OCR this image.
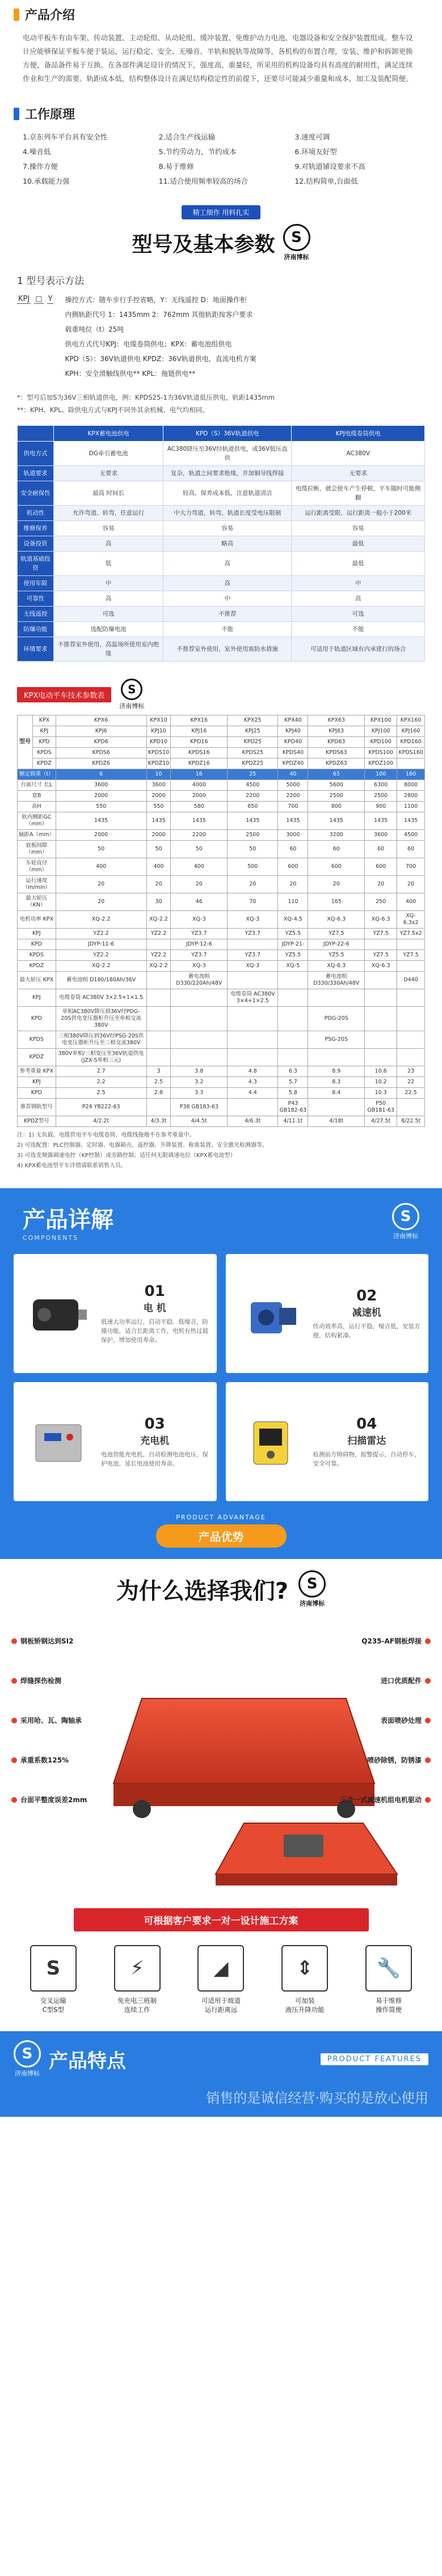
产品介绍
电动平板车有由车架、传动装置、主动轮组、从动轮组、缓冲装置、免维护动力电池、电器设备和安全保护装置组成。整车设计应能够保证平板车便于装运，运行稳定、安全、无噪音、半轨和脱轨等故障等，各机构的布置合理，安装、维护和拆卸更换方便，备品备件易于互换。在各部件满足设计的情况下，强度高、重量轻，所采用的机构设备均具有高度的耐用性，满足连续作业和生产的需要。轨距成本低，结构整体设计在满足结构稳定性的前提下，还要尽可能减少重量和成本，加工及装配简便。
工作原理
1.京东列车平台具有安全性	2.适合生产线运输	3.速度可调
4.噪音低	5.节约劳动力，节约成本	6.环境友好型
7.操作方便	8.易于维修	9.对轨道铺设要求不高
10.承载能力强	11.适合使用频率较高的场合	12.结构简单,台面低
精工细作 用料扎实
型号及基本参数	S
济南博标
1 型号表示方法
KPJ □ Y 操控方式：随车步行手控省略，Y：无线遥控 D：地面操作柜
内侧轨距代号 1：1435mm 2：762mm 其他轨距按客户要求
载重吨位（t）25吨
供电方式代号KPJ：电缆卷筒供电；KPX：蓄电池组供电
KPD（S）：36V轨道供电 KPDZ：36V轨道供电，直流电机方案
KPH：安全滑触线供电** KPL：拖链供电**
*：型号后加S为36V三相轨道供电，例：KPDS25-1为36V轨道低压供电，轨距1435mm
**：KPH、KPL、除供电方式与KPJ不同外其余机械、电气均相同。
	KPX蓄电池供电	KPD（S）36V轨道供电	KPJ电缆卷筒供电
供电方式	DG牵引蓄电池	AC380降压至36V经轨道供电，或36V低压直供	AC380V
轨道要求	无要求	复杂，轨道之间要求绝缘，并加铜导线焊接	无要求
安全耐保性	最高 时间长	较高，保养成本低，注意轨道清洁	电缆拉断，就会使车产生停顿，平车随时可能侧翻
机动性	允许弯道、转弯，任意运行	中大力弯道，转弯，轨道长度受电压限制	运行距离受限，运行距离一般小于200米
维修保养	容易	容易	容易
设备投资	高	略高	最低
轨道基础投资	低	高	最低
使用年限	中	高	中
可靠性	高	中	高
无线遥控	可选	不推荐	可选
防爆功能	选配防爆电池	不能	不能
环境要求	不推荐室外使用，高温场所使用室内绝缘	不推荐室外使用，室外使用需防水措施	可适用于轨道区域有内承建行的场合
KPX电动平车技术参数表	S
济南博标
型号	KPX	KPX6	KPX10	KPX16	KPX25	KPX40	KPX63	KPX100	KPX160
	KPJ	KPJ6	KPJ10	KPJ16	KPJ25	KPJ40	KPJ63	KPJ100	KPJ160
	KPD	KPD6	KPD10	KPD16	KPD25	KPD40	KPD63	KPD100	KPD160
	KPDS	KPDS6	KPDS10	KPDS16	KPDS25	KPDS40	KPDS63	KPDS100	KPDS160
	KPDZ	KPDZ6	KPDZ10	KPDZ16	KPDZ25	KPDZ40	KPDZ63	KPDZ100	
额定载重（t）		6	10	16	25	40	63	100	160
台面尺寸 长L		3600	3600	4000	4500	5000	5600	6300	8000
宽B		2000	2000	2000	2200	2200	2500	2500	2800
高H		550	550	580	650	700	800	900	1100
轨内侧距GC（mm）		1435	1435	1435	1435	1435	1435	1435	1435
轴距A（mm）		2000	2000	2200	2500	3000	3200	3600	4500
底板间隙（mm）		50	50	50	50	60	60	60	60
车轮直径（mm）		400	400	400	500	600	600	600	700
运行速度（m/min）		20	20	20	20	20	20	20	20
最大轮压（KN）		20	30	46	70	110	165	250	400
电机功率 KPX		XQ-2.2	XQ-2.2	XQ-3	XQ-3	XQ-4.5	XQ-6.3	XQ-6.3	XQ-6.3x2
KPJ		YZ2.2	YZ2.2	YZ3.7	YZ3.7	YZ5.5	YZ7.5	YZ7.5	YZ7.5x2
KPD		JDYP-11-6		JDYP-12-6		JDYP-21-	JDYP-22-6		
KPDS		YZ2.2	YZ2.2	YZ3.7	YZ3.7	YZ5.5	YZ5.5	YZ7.5	YZ7.5
KPDZ		XQ-2.2	XQ-2.2	XQ-3	XQ-3	XQ-5	XQ-6.3	XQ-6.3	
最大轮压 KPX		蓄电池组 D180/180Ah/36V		蓄电池组 D330/220Ah/48V			蓄电池组 D330/330Ah/48V		D440
KPJ		电缆卷筒 AC380V 3×2.5+1×1.5			电缆卷筒 AC380V 3×4+1×2.5				
KPD		单相AC380V降压到36V经PDG-20S供电变压器柜升压至单相交流380V					PDG-20S		
KPDS		三相380V降压到36V经PSG-20S供电变压器柜升压至三相交流380V					PSG-20S		
KPDZ		380V单相/三相变压至36V轨道供电(JZX-S单相三元)							
参考重量 KPX		2.7	3	3.8	4.8	6.3	8.9	10.6	23
KPJ		2.2	2.5	3.2	4.3	5.7	8.3	10.2	22
KPD		2.5	2.8	3.3	4.4	5.8	8.4	10.3	22.5
推荐钢轨型号		P24 YB222-63		P38 GB183-63		P43 GB182-63		P50 GB181-63	
KPDZ型号		4/2.2t	4/3.3t	4/4.5t	4/6.3t	4/11.1t	4/18t	4/27.5t	8/22.5t
注：1) 无负载、电缆供电平车电缆卷筒、电缆线拖地不在参考重量中。
2) 可选配置：PLC控制器、定时器、电器箱壳、遥控器、升降装置、称重装置、安全激光检测器等。
3) 可选变频器调速电控（KP控制）或旁路控制；适任何无限调速电位（KPX蓄电池型）
4) KPX蓄电池型平车详情请联系销售人员。
产品详解
COMPONENTS
S
济南博标
01
电 机
低速大功率运行，启动平稳，低噪音，防撞功能，适合长距离工作，电机有热过载保护，增加使用寿命。
02
减速机
传动效率高，运行平稳，噪音低，安装方便，结构紧凑。
03
充电机
电池智能充电机，自动检测电池电压，保护电池，延长电池使用寿命。
04
扫描雷达
检测前方障碍物，报警提示，自动停车，安全可靠。
PRODUCT ADVANTAGE
产品优势
为什么选择我们?	S
济南博标
钢板矫钢达到SI2
焊缝探伤检测
采用哈、瓦、陶轴承
承重系数125%
台面平整度误差2mm
Q235-AF钢板焊接
进口优质配件
表面喷砂处理
喷砂除锈，防锈漆
三合一式减速机组电机驱动
可根据客户要求一对一设计施工方案
S
交叉运输
C型S型
⚡
免充电三班制
连续工作
◢
可适用于坡道
运行距离远
⇕
可加装
液压升降功能
🔧
易于维修
操作简便
S
济南博标
产品特点	PRODUCT FEATURES
销售的是诚信经营·购买的是放心使用
